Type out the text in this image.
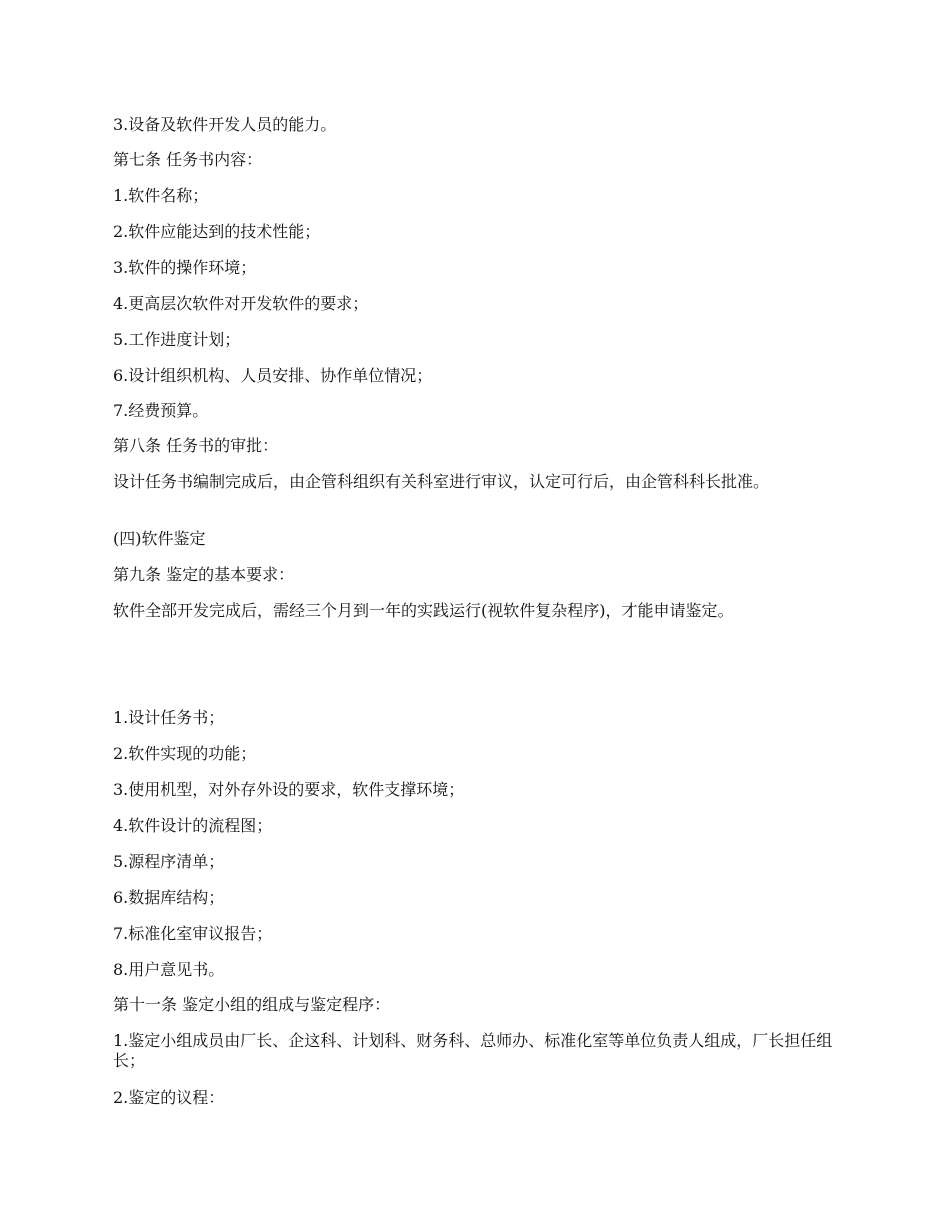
3.设备及软件开发人员的能力。

第七条 任务书内容：

1.软件名称；

2.软件应能达到的技术性能；

3.软件的操作环境；

4.更高层次软件对开发软件的要求；

5.工作进度计划；

6.设计组织机构、人员安排、协作单位情况；

7.经费预算。

第八条 任务书的审批：

设计任务书编制完成后，由企管科组织有关科室进行审议，认定可行后，由企管科科长批准。

(四)软件鉴定

第九条 鉴定的基本要求：

软件全部开发完成后，需经三个月到一年的实践运行(视软件复杂程序)，才能申请鉴定。

1.设计任务书；

2.软件实现的功能；

3.使用机型，对外存外设的要求，软件支撑环境；

4.软件设计的流程图；

5.源程序清单；

6.数据库结构；

7.标准化室审议报告；

8.用户意见书。

第十一条 鉴定小组的组成与鉴定程序：

1.鉴定小组成员由厂长、企这科、计划科、财务科、总师办、标准化室等单位负责人组成，厂长担任组长；

2.鉴定的议程：
